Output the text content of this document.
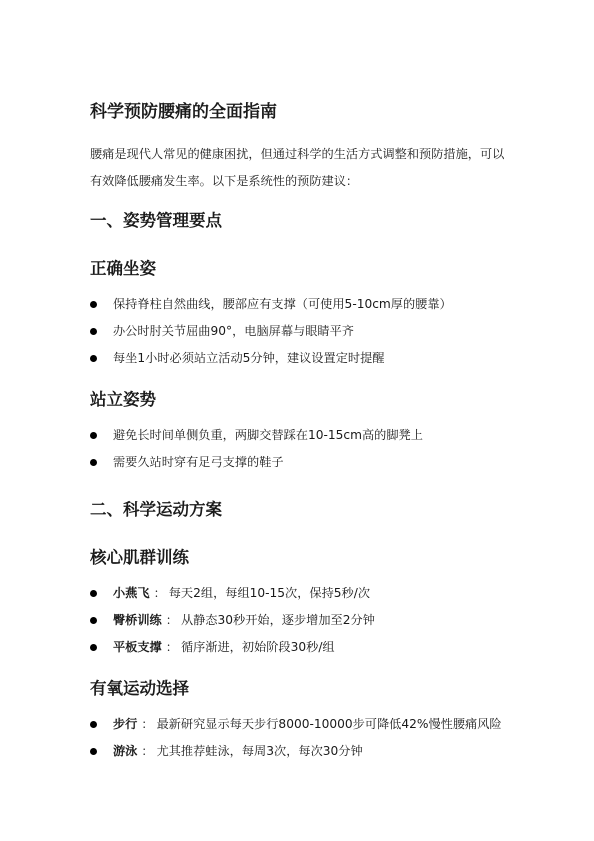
科学预防腰痛的全面指南

腰痛是现代人常见的健康困扰，但通过科学的生活方式调整和预防措施，可以有效降低腰痛发生率。以下是系统性的预防建议：

一、姿势管理要点
正确坐姿
保持脊柱自然曲线，腰部应有支撑（可使用5-10cm厚的腰靠）
办公时肘关节屈曲90°，电脑屏幕与眼睛平齐
每坐1小时必须站立活动5分钟，建议设置定时提醒
站立姿势
避免长时间单侧负重，两脚交替踩在10-15cm高的脚凳上
需要久站时穿有足弓支撑的鞋子
二、科学运动方案
核心肌群训练
小燕飞 ： 每天2组，每组10-15次，保持5秒/次
臀桥训练 ： 从静态30秒开始，逐步增加至2分钟
平板支撑 ： 循序渐进，初始阶段30秒/组
有氧运动选择
步行 ： 最新研究显示每天步行8000-10000步可降低42%慢性腰痛风险
游泳 ： 尤其推荐蛙泳，每周3次，每次30分钟
